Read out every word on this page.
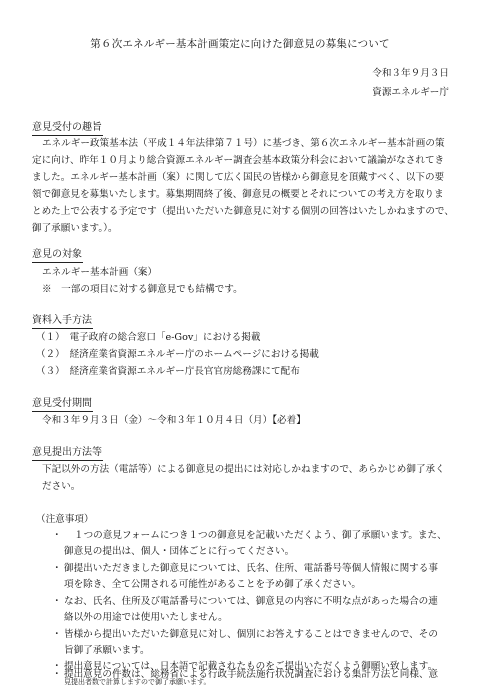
第６次エネルギー基本計画策定に向けた御意見の募集について
令和３年９月３日
資源エネルギー庁
意見受付の趣旨
エネルギー政策基本法（平成１４年法律第７１号）に基づき、第６次エネルギー基本計画の策
定に向け、昨年１０月より総合資源エネルギー調査会基本政策分科会において議論がなされてき
ました。エネルギー基本計画（案）に関して広く国民の皆様から御意見を頂戴すべく、以下の要
領で御意見を募集いたします。募集期間終了後、御意見の概要とそれについての考え方を取りま
とめた上で公表する予定です（提出いただいた御意見に対する個別の回答はいたしかねますので、
御了承願います。）。
意見の対象
エネルギー基本計画（案）
※　一部の項目に対する御意見でも結構です。
資料入手方法
（１）　電子政府の総合窓口「e-Gov」における掲載
（２）　経済産業省資源エネルギー庁のホームページにおける掲載
（３）　経済産業省資源エネルギー庁長官官房総務課にて配布
意見受付期間
令和３年９月３日（金）～令和３年１０月４日（月）【必着】
意見提出方法等
下記以外の方法（電話等）による御意見の提出には対応しかねますので、あらかじめ御了承く
ださい。
（注意事項）
・ １つの意見フォームにつき１つの御意見を記載いただくよう、御了承願います。また、
御意見の提出は、個人・団体ごとに行ってください。
・ 御提出いただきました御意見については、氏名、住所、電話番号等個人情報に関する事
項を除き、全て公開される可能性があることを予め御了承ください。
・ なお、氏名、住所及び電話番号については、御意見の内容に不明な点があった場合の連
絡以外の用途では使用いたしません。
・ 皆様から提出いただいた御意見に対し、個別にお答えすることはできませんので、その
旨御了承願います。
・ 提出意見については、日本語で記載されたものをご提出いただくよう御願い致します。
・ 提出意見の件数は、総務省による行政手続法施行状況調査における集計方法と同様、意
見提出者数で計算しますので御了承願います。
